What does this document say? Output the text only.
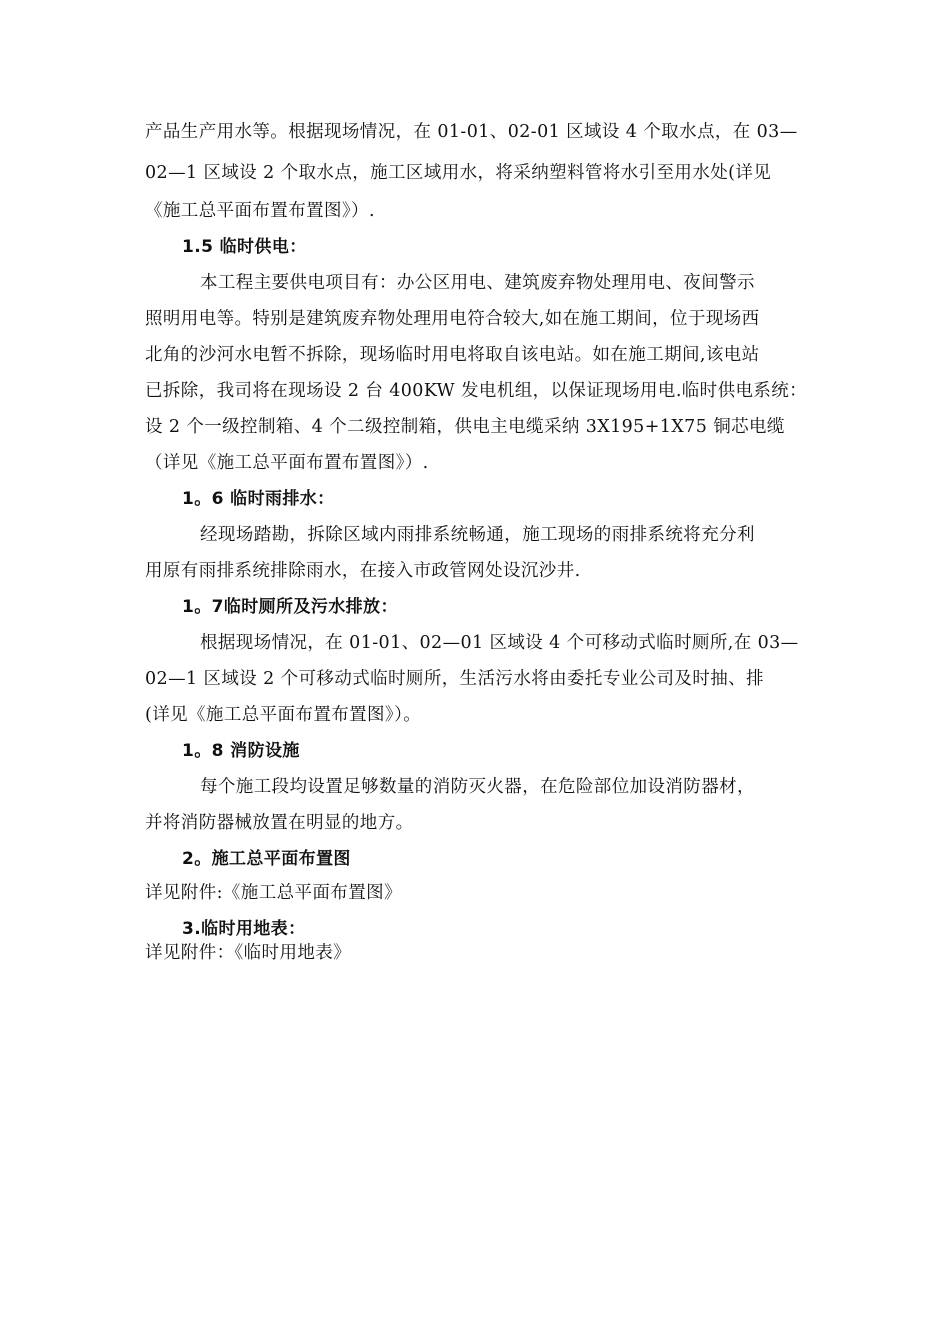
产品生产用水等。根据现场情况，在 01-01、02-01 区域设 4 个取水点，在 03—
02—1 区域设 2 个取水点，施工区域用水，将采纳塑料管将水引至用水处(详见
《施工总平面布置布置图》）.
1.5 临时供电：
本工程主要供电项目有：办公区用电、建筑废弃物处理用电、夜间警示
照明用电等。特别是建筑废弃物处理用电符合较大,如在施工期间，位于现场西
北角的沙河水电暂不拆除，现场临时用电将取自该电站。如在施工期间,该电站
已拆除，我司将在现场设 2 台 400KW 发电机组，以保证现场用电.临时供电系统：
设 2 个一级控制箱、4 个二级控制箱，供电主电缆采纳 3X195+1X75 铜芯电缆
（详见《施工总平面布置布置图》）.
1。6 临时雨排水：
经现场踏勘，拆除区域内雨排系统畅通，施工现场的雨排系统将充分利
用原有雨排系统排除雨水，在接入市政管网处设沉沙井.
1。7临时厕所及污水排放：
根据现场情况，在 01-01、02—01 区域设 4 个可移动式临时厕所,在 03—
02—1 区域设 2 个可移动式临时厕所，生活污水将由委托专业公司及时抽、排
(详见《施工总平面布置布置图》）。
1。8 消防设施
每个施工段均设置足够数量的消防灭火器，在危险部位加设消防器材，
并将消防器械放置在明显的地方。
2。施工总平面布置图
详见附件:《施工总平面布置图》
3.临时用地表：
详见附件：《临时用地表》
